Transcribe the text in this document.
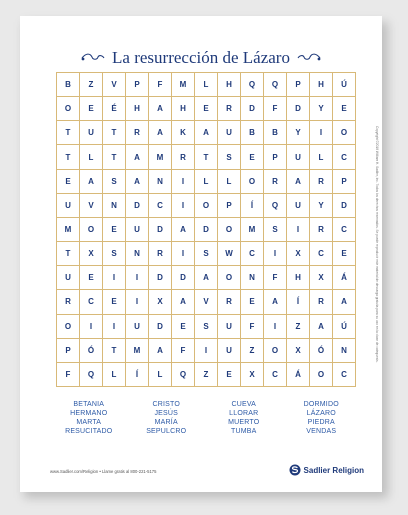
La resurrección de Lázaro
B	Z	V	P	F	M	L	H	Q	Q	P	H	Ú
O	E	É	H	A	H	E	R	D	F	D	Y	E
T	U	T	R	A	K	A	U	B	B	Y	I	O
T	L	T	A	M	R	T	S	E	P	U	L	C
E	A	S	A	N	I	L	L	O	R	A	R	P
U	V	N	D	C	I	O	P	Í	Q	U	Y	D
M	O	E	U	D	A	D	O	M	S	I	R	C
T	X	S	N	R	I	S	W	C	I	X	C	E
U	E	I	I	D	D	A	O	N	F	H	X	Á
R	C	E	I	X	A	V	R	E	A	Í	R	A
O	I	I	U	D	E	S	U	F	I	Z	A	Ú
P	Ó	T	M	A	F	I	U	Z	O	X	Ó	N
F	Q	L	Í	L	Q	Z	E	X	C	Á	O	C
BETANIA	CRISTO	CUEVA	DORMIDO
HERMANO	JESÚS	LLORAR	LÁZARO
MARTA	MARÍA	MUERTO	PIEDRA
RESUCITADO	SEPULCRO	TUMBA	VENDAS
www.Sadlier.com/Religion • Llame gratis al 800-221-5175	Sadlier Religion
Copyright ©2018 William H. Sadlier, Inc. Todos los derechos reservados. Se puede reproducir este material de descarga gratuita para su uso en la clase de catequesis.
